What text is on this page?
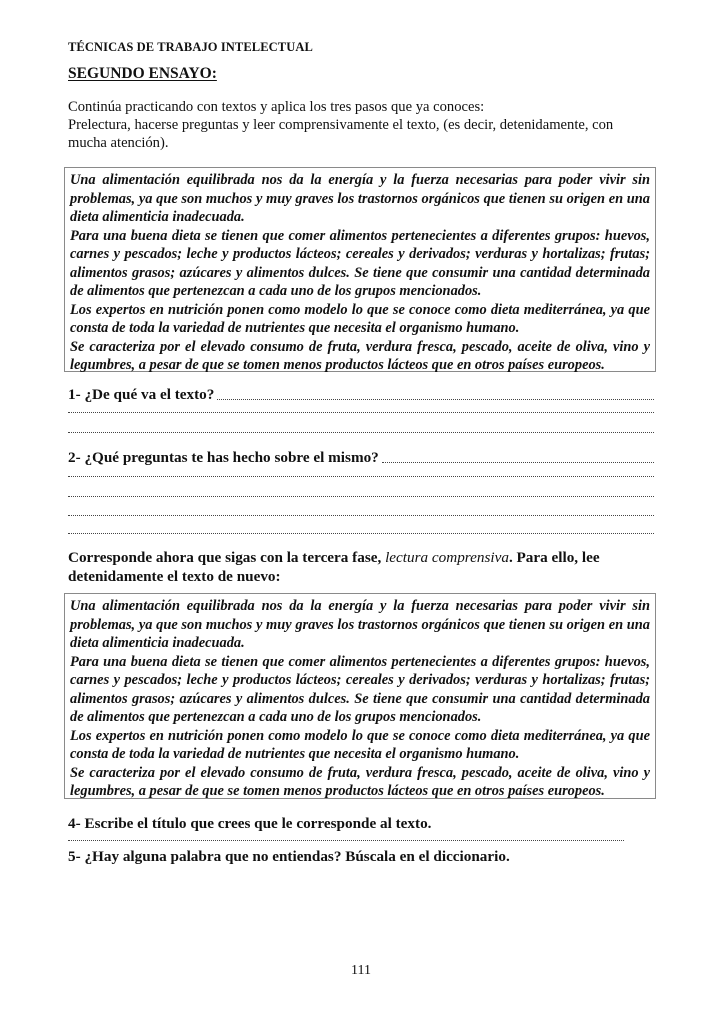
TÉCNICAS DE TRABAJO INTELECTUAL
SEGUNDO ENSAYO:
Continúa practicando con textos y aplica los tres pasos que ya conoces:
Prelectura, hacerse preguntas y leer comprensivamente el texto, (es decir, detenidamente, con
mucha atención).

Una alimentación equilibrada nos da la energía y la fuerza necesarias para poder vivir sin problemas, ya que son muchos y muy graves los trastornos orgánicos que tienen su origen en una dieta alimenticia inadecuada.

Para una buena dieta se tienen que comer alimentos pertenecientes a diferentes grupos: huevos, carnes y pescados; leche y productos lácteos; cereales y derivados; verduras y hortalizas; frutas; alimentos grasos; azúcares y alimentos dulces. Se tiene que consumir una cantidad determinada de alimentos que pertenezcan a cada uno de los grupos mencionados.

Los expertos en nutrición ponen como modelo lo que se conoce como dieta mediterránea, ya que consta de toda la variedad de nutrientes que necesita el organismo humano.

Se caracteriza por el elevado consumo de fruta, verdura fresca, pescado, aceite de oliva, vino y legumbres, a pesar de que se tomen menos productos lácteos que en otros países europeos.

1- ¿De qué va el texto?
2- ¿Qué preguntas te has hecho sobre el mismo?
Corresponde ahora que sigas con la tercera fase, lectura comprensiva. Para ello, lee detenidamente el texto de nuevo:

Una alimentación equilibrada nos da la energía y la fuerza necesarias para poder vivir sin problemas, ya que son muchos y muy graves los trastornos orgánicos que tienen su origen en una dieta alimenticia inadecuada.

Para una buena dieta se tienen que comer alimentos pertenecientes a diferentes grupos: huevos, carnes y pescados; leche y productos lácteos; cereales y derivados; verduras y hortalizas; frutas; alimentos grasos; azúcares y alimentos dulces. Se tiene que consumir una cantidad determinada de alimentos que pertenezcan a cada uno de los grupos mencionados.

Los expertos en nutrición ponen como modelo lo que se conoce como dieta mediterránea, ya que consta de toda la variedad de nutrientes que necesita el organismo humano.

Se caracteriza por el elevado consumo de fruta, verdura fresca, pescado, aceite de oliva, vino y legumbres, a pesar de que se tomen menos productos lácteos que en otros países europeos.

4- Escribe el título que crees que le corresponde al texto.
5- ¿Hay alguna palabra que no entiendas? Búscala en el diccionario.
111
